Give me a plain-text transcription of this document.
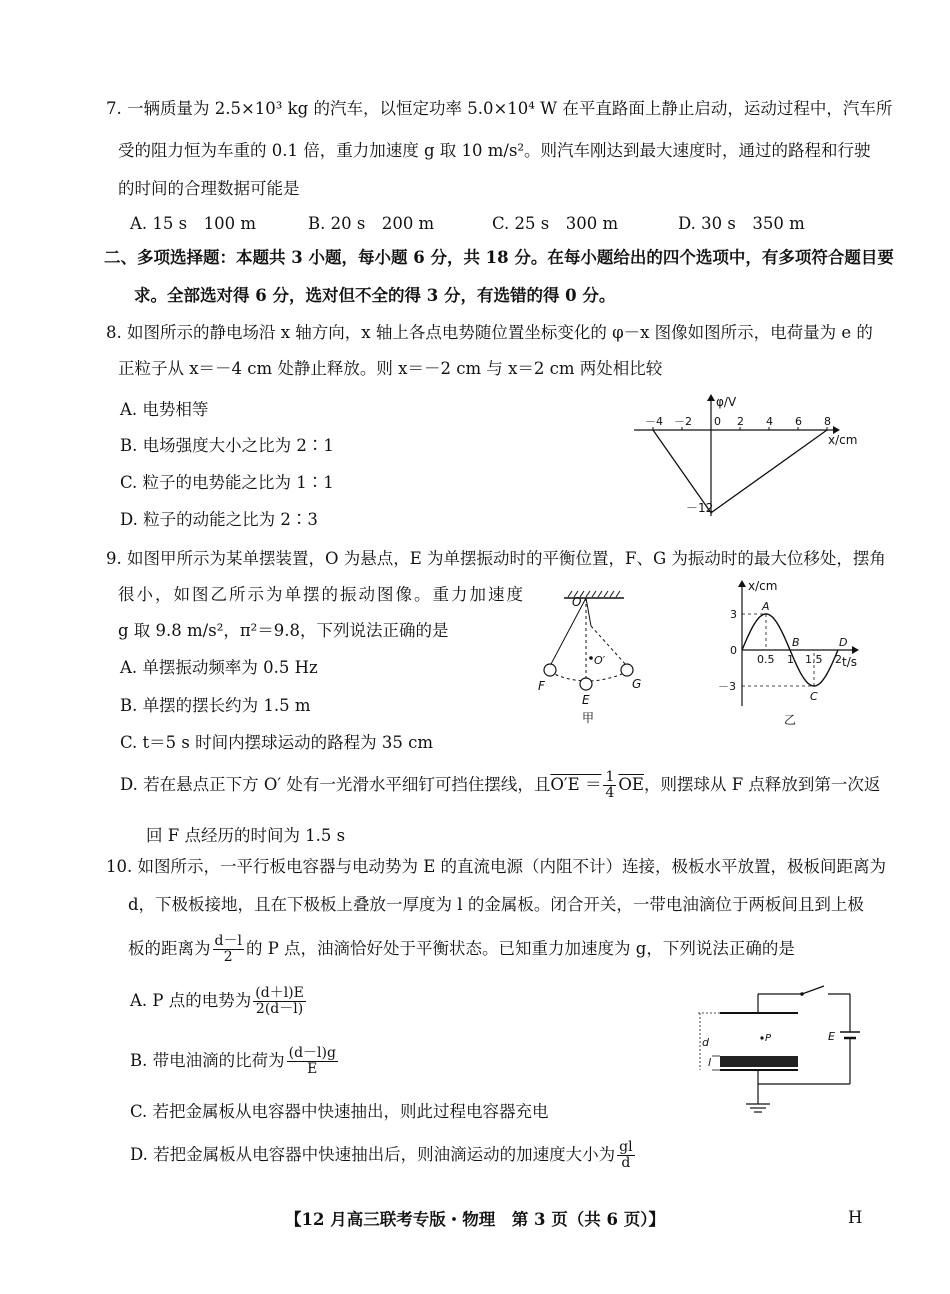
7. 一辆质量为 2.5×10³ kg 的汽车，以恒定功率 5.0×10⁴ W 在平直路面上静止启动，运动过程中，汽车所
受的阻力恒为车重的 0.1 倍，重力加速度 g 取 10 m/s²。则汽车刚达到最大速度时，通过的路程和行驶
的时间的合理数据可能是
A. 15 s　100 m	B. 20 s　200 m	C. 25 s　300 m	D. 30 s　350 m
二、多项选择题：本题共 3 小题，每小题 6 分，共 18 分。在每小题给出的四个选项中，有多项符合题目要
求。全部选对得 6 分，选对但不全的得 3 分，有选错的得 0 分。
8. 如图所示的静电场沿 x 轴方向，x 轴上各点电势随位置坐标变化的 φ－x 图像如图所示，电荷量为 e 的
正粒子从 x＝－4 cm 处静止释放。则 x＝－2 cm 与 x＝2 cm 两处相比较
A. 电势相等
B. 电场强度大小之比为 2∶1
C. 粒子的电势能之比为 1∶1
D. 粒子的动能之比为 2∶3
φ/V
x/cm
－4 －2 0 2 4 6 8
－12
9. 如图甲所示为某单摆装置，O 为悬点，E 为单摆振动时的平衡位置，F、G 为振动时的最大位移处，摆角
很小，如图乙所示为单摆的振动图像。重力加速度
g 取 9.8 m/s²，π²＝9.8，下列说法正确的是
A. 单摆振动频率为 0.5 Hz
B. 单摆的摆长约为 1.5 m
C. t＝5 s 时间内摆球运动的路程为 35 cm
D. 若在悬点正下方 O′ 处有一光滑水平细钉可挡住摆线，且$O'E = \frac{1}{4} \overline{OE}$，则摆球从 F 点释放到第一次返
回 F 点经历的时间为 1.5 s
O
O′
F
E
G
甲
x/cm
t/s
3
0
－3
0.5 1 1.5 2
A
B
C
D
乙
10. 如图所示，一平行板电容器与电动势为 E 的直流电源（内阻不计）连接，极板水平放置，极板间距离为
d，下极板接地，且在下极板上叠放一厚度为 l 的金属板。闭合开关，一带电油滴位于两板间且到上极
板的距离为 $\frac{d-l}{2}$ 的 P 点，油滴恰好处于平衡状态。已知重力加速度为 g，下列说法正确的是
A. P 点的电势为 $\frac{(d+l)E}{2(d-l)}$
B. 带电油滴的比荷为 $\frac{(d-l)g}{E}$
C. 若把金属板从电容器中快速抽出，则此过程电容器充电
D. 若把金属板从电容器中快速抽出后，则油滴运动的加速度大小为 $\frac{gl}{d}$
E
P
d
l
【12 月高三联考专版・物理　第 3 页（共 6 页）】	H
